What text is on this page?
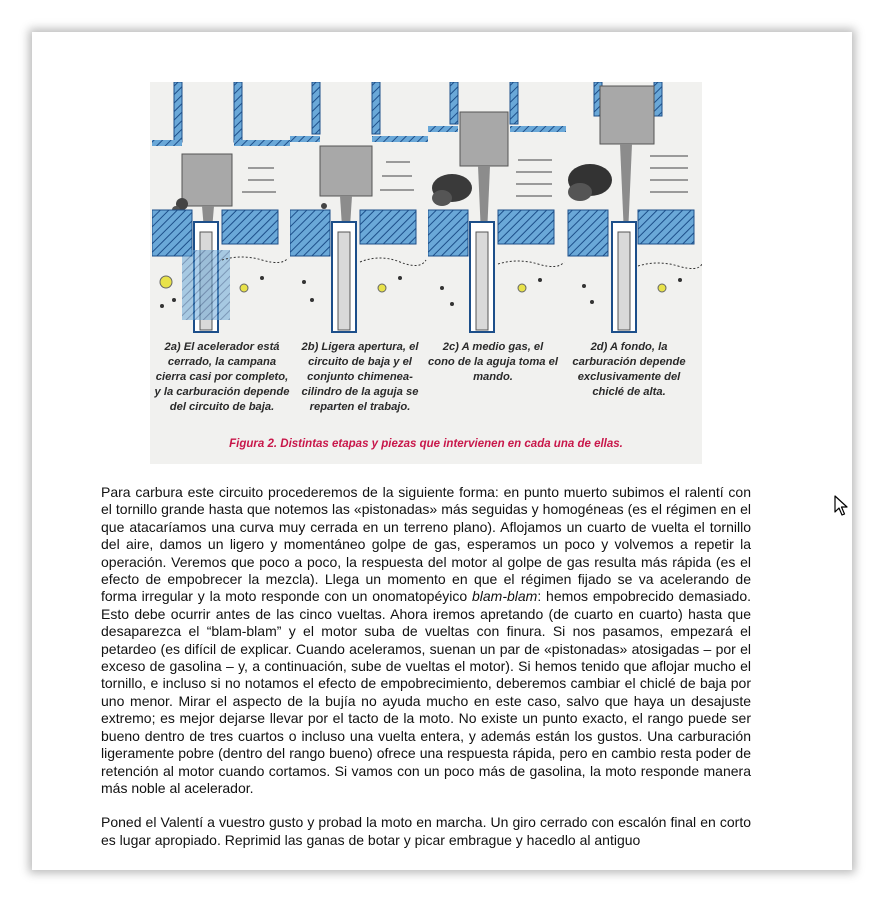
2a) El acelerador está cerrado, la campana cierra casi por completo, y la carburación depende del circuito de baja.
2b) Ligera apertura, el circuito de baja y el conjunto chimenea-cilindro de la aguja se reparten el trabajo.
2c) A medio gas, el cono de la aguja toma el mando.
2d) A fondo, la carburación depende exclusivamente del chiclé de alta.
Figura 2. Distintas etapas y piezas que intervienen en cada una de ellas.

Para carbura este circuito procederemos de la siguiente forma: en punto muerto subimos el ralentí con el tornillo grande hasta que notemos las «pistonadas» más seguidas y homogéneas (es el régimen en el que atacaríamos una curva muy cerrada en un terreno plano). Aflojamos un cuarto de vuelta el tornillo del aire, damos un ligero y momentáneo golpe de gas, esperamos un poco y volvemos a repetir la operación. Veremos que poco a poco, la respuesta del motor al golpe de gas resulta más rápida (es el efecto de empobrecer la mezcla). Llega un momento en que el régimen fijado se va acelerando de forma irregular y la moto responde con un onomatopéyico blam-blam: hemos empobrecido demasiado. Esto debe ocurrir antes de las cinco vueltas. Ahora iremos apretando (de cuarto en cuarto) hasta que desaparezca el “blam-blam” y el motor suba de vueltas con finura. Si nos pasamos, empezará el petardeo (es difícil de explicar. Cuando aceleramos, suenan un par de «pistonadas» atosigadas – por el exceso de gasolina – y, a continuación, sube de vueltas el motor). Si hemos tenido que aflojar mucho el tornillo, e incluso si no notamos el efecto de empobrecimiento, deberemos cambiar el chiclé de baja por uno menor. Mirar el aspecto de la bujía no ayuda mucho en este caso, salvo que haya un desajuste extremo; es mejor dejarse llevar por el tacto de la moto. No existe un punto exacto, el rango puede ser bueno dentro de tres cuartos o incluso una vuelta entera, y además están los gustos. Una carburación ligeramente pobre (dentro del rango bueno) ofrece una respuesta rápida, pero en cambio resta poder de retención al motor cuando cortamos. Si vamos con un poco más de gasolina, la moto responde manera más noble al acelerador.

Poned el Valentí a vuestro gusto y probad la moto en marcha. Un giro cerrado con escalón final en corto es lugar apropiado. Reprimid las ganas de botar y picar embrague y hacedlo al antiguo
